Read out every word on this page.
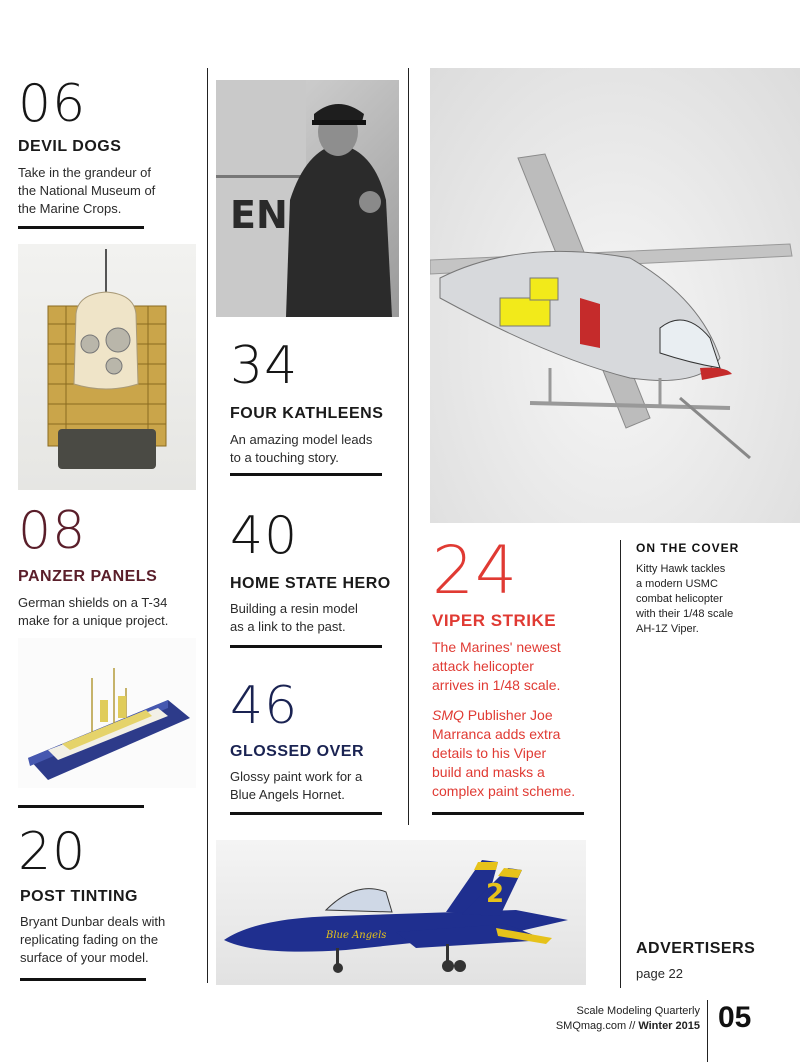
06
DEVIL DOGS
Take in the grandeur of
the National Museum of
the Marine Crops.
08
PANZER PANELS
German shields on a T-34
make for a unique project.
20
POST TINTING
Bryant Dunbar deals with
replicating fading on the
surface of your model.
EN
34
FOUR KATHLEENS
An amazing model leads
to a touching story.
40
HOME STATE HERO
Building a resin model
as a link to the past.
46
GLOSSED OVER
Glossy paint work for a
Blue Angels Hornet.
2
Blue Angels
24
VIPER STRIKE
The Marines' newest
attack helicopter
arrives in 1/48 scale.
SMQ Publisher Joe
Marranca adds extra
details to his Viper
build and masks a
complex paint scheme.
ON THE COVER
Kitty Hawk tackles
a modern USMC
combat helicopter
with their 1/48 scale
AH-1Z Viper.
ADVERTISERS
page 22
Scale Modeling Quarterly
SMQmag.com // Winter 2015 05
